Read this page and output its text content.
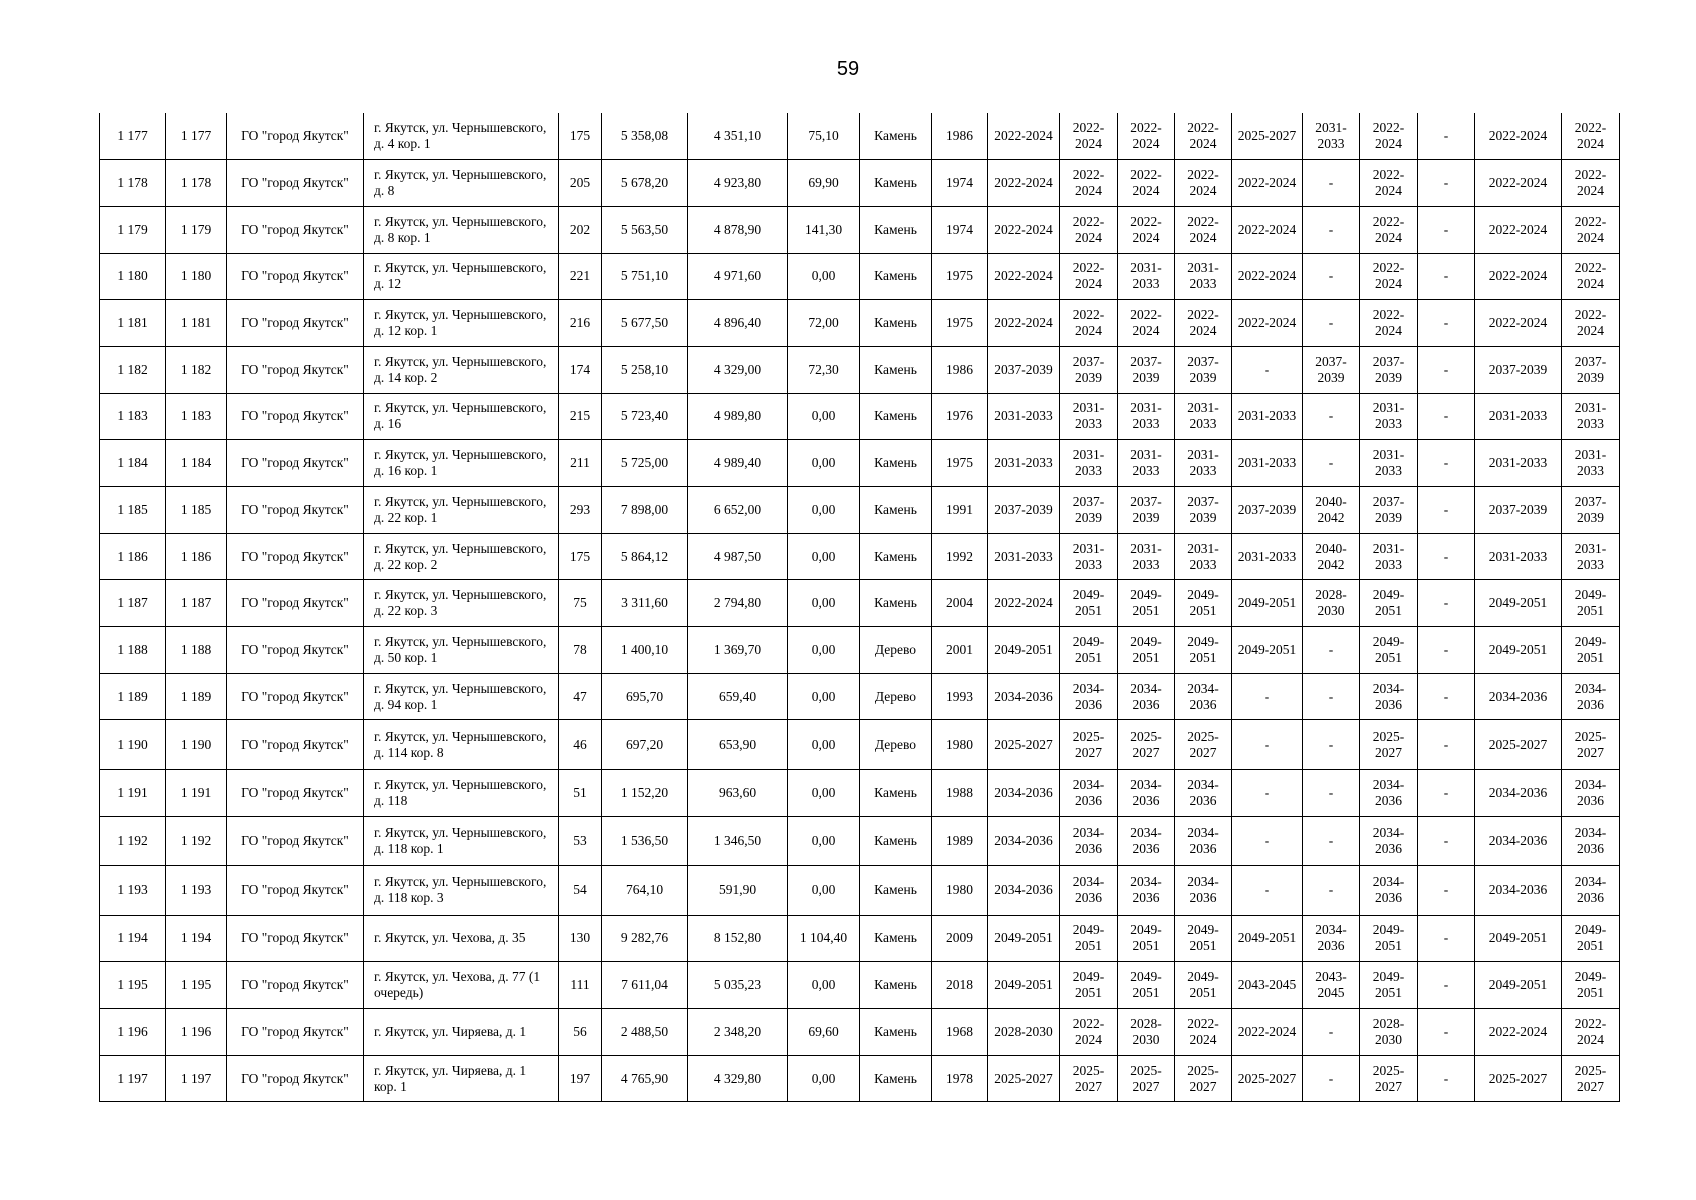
59
1 177	1 177	ГО "город Якутск"	г. Якутск, ул. Чернышевского, д. 4 кор. 1	175	5 358,08	4 351,10	75,10	Камень	1986	2022-2024	2022-2024	2022-2024	2022-2024	2025-2027	2031-2033	2022-2024	-	2022-2024	2022-2024
1 178	1 178	ГО "город Якутск"	г. Якутск, ул. Чернышевского, д. 8	205	5 678,20	4 923,80	69,90	Камень	1974	2022-2024	2022-2024	2022-2024	2022-2024	2022-2024	-	2022-2024	-	2022-2024	2022-2024
1 179	1 179	ГО "город Якутск"	г. Якутск, ул. Чернышевского, д. 8 кор. 1	202	5 563,50	4 878,90	141,30	Камень	1974	2022-2024	2022-2024	2022-2024	2022-2024	2022-2024	-	2022-2024	-	2022-2024	2022-2024
1 180	1 180	ГО "город Якутск"	г. Якутск, ул. Чернышевского, д. 12	221	5 751,10	4 971,60	0,00	Камень	1975	2022-2024	2022-2024	2031-2033	2031-2033	2022-2024	-	2022-2024	-	2022-2024	2022-2024
1 181	1 181	ГО "город Якутск"	г. Якутск, ул. Чернышевского, д. 12 кор. 1	216	5 677,50	4 896,40	72,00	Камень	1975	2022-2024	2022-2024	2022-2024	2022-2024	2022-2024	-	2022-2024	-	2022-2024	2022-2024
1 182	1 182	ГО "город Якутск"	г. Якутск, ул. Чернышевского, д. 14 кор. 2	174	5 258,10	4 329,00	72,30	Камень	1986	2037-2039	2037-2039	2037-2039	2037-2039	-	2037-2039	2037-2039	-	2037-2039	2037-2039
1 183	1 183	ГО "город Якутск"	г. Якутск, ул. Чернышевского, д. 16	215	5 723,40	4 989,80	0,00	Камень	1976	2031-2033	2031-2033	2031-2033	2031-2033	2031-2033	-	2031-2033	-	2031-2033	2031-2033
1 184	1 184	ГО "город Якутск"	г. Якутск, ул. Чернышевского, д. 16 кор. 1	211	5 725,00	4 989,40	0,00	Камень	1975	2031-2033	2031-2033	2031-2033	2031-2033	2031-2033	-	2031-2033	-	2031-2033	2031-2033
1 185	1 185	ГО "город Якутск"	г. Якутск, ул. Чернышевского, д. 22 кор. 1	293	7 898,00	6 652,00	0,00	Камень	1991	2037-2039	2037-2039	2037-2039	2037-2039	2037-2039	2040-2042	2037-2039	-	2037-2039	2037-2039
1 186	1 186	ГО "город Якутск"	г. Якутск, ул. Чернышевского, д. 22 кор. 2	175	5 864,12	4 987,50	0,00	Камень	1992	2031-2033	2031-2033	2031-2033	2031-2033	2031-2033	2040-2042	2031-2033	-	2031-2033	2031-2033
1 187	1 187	ГО "город Якутск"	г. Якутск, ул. Чернышевского, д. 22 кор. 3	75	3 311,60	2 794,80	0,00	Камень	2004	2022-2024	2049-2051	2049-2051	2049-2051	2049-2051	2028-2030	2049-2051	-	2049-2051	2049-2051
1 188	1 188	ГО "город Якутск"	г. Якутск, ул. Чернышевского, д. 50 кор. 1	78	1 400,10	1 369,70	0,00	Дерево	2001	2049-2051	2049-2051	2049-2051	2049-2051	2049-2051	-	2049-2051	-	2049-2051	2049-2051
1 189	1 189	ГО "город Якутск"	г. Якутск, ул. Чернышевского, д. 94 кор. 1	47	695,70	659,40	0,00	Дерево	1993	2034-2036	2034-2036	2034-2036	2034-2036	-	-	2034-2036	-	2034-2036	2034-2036
1 190	1 190	ГО "город Якутск"	г. Якутск, ул. Чернышевского, д. 114 кор. 8	46	697,20	653,90	0,00	Дерево	1980	2025-2027	2025-2027	2025-2027	2025-2027	-	-	2025-2027	-	2025-2027	2025-2027
1 191	1 191	ГО "город Якутск"	г. Якутск, ул. Чернышевского, д. 118	51	1 152,20	963,60	0,00	Камень	1988	2034-2036	2034-2036	2034-2036	2034-2036	-	-	2034-2036	-	2034-2036	2034-2036
1 192	1 192	ГО "город Якутск"	г. Якутск, ул. Чернышевского, д. 118 кор. 1	53	1 536,50	1 346,50	0,00	Камень	1989	2034-2036	2034-2036	2034-2036	2034-2036	-	-	2034-2036	-	2034-2036	2034-2036
1 193	1 193	ГО "город Якутск"	г. Якутск, ул. Чернышевского, д. 118 кор. 3	54	764,10	591,90	0,00	Камень	1980	2034-2036	2034-2036	2034-2036	2034-2036	-	-	2034-2036	-	2034-2036	2034-2036
1 194	1 194	ГО "город Якутск"	г. Якутск, ул. Чехова, д. 35	130	9 282,76	8 152,80	1 104,40	Камень	2009	2049-2051	2049-2051	2049-2051	2049-2051	2049-2051	2034-2036	2049-2051	-	2049-2051	2049-2051
1 195	1 195	ГО "город Якутск"	г. Якутск, ул. Чехова, д. 77 (1 очередь)	111	7 611,04	5 035,23	0,00	Камень	2018	2049-2051	2049-2051	2049-2051	2049-2051	2043-2045	2043-2045	2049-2051	-	2049-2051	2049-2051
1 196	1 196	ГО "город Якутск"	г. Якутск, ул. Чиряева, д. 1	56	2 488,50	2 348,20	69,60	Камень	1968	2028-2030	2022-2024	2028-2030	2022-2024	2022-2024	-	2028-2030	-	2022-2024	2022-2024
1 197	1 197	ГО "город Якутск"	г. Якутск, ул. Чиряева, д. 1 кор. 1	197	4 765,90	4 329,80	0,00	Камень	1978	2025-2027	2025-2027	2025-2027	2025-2027	2025-2027	-	2025-2027	-	2025-2027	2025-2027
